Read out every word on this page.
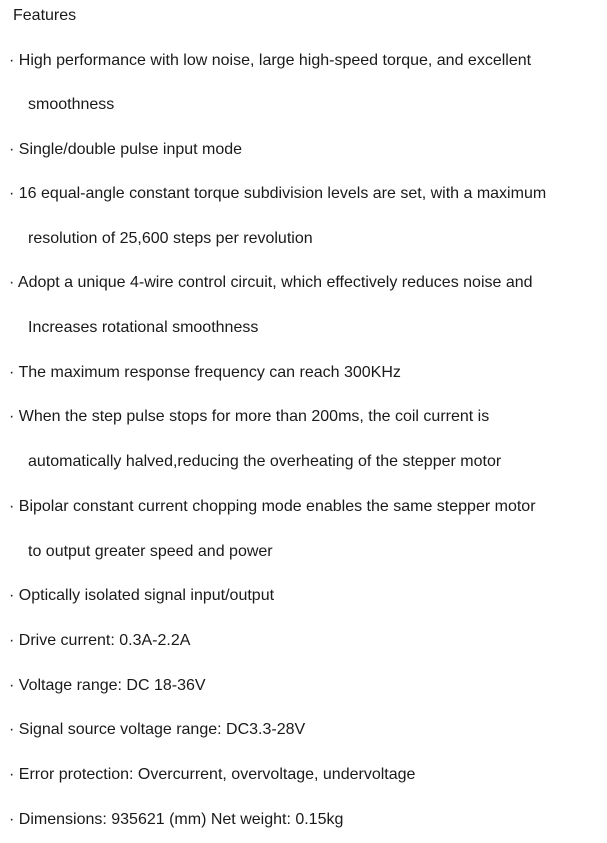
Features
· High performance with low noise, large high-speed torque, and excellent
smoothness
· Single/double pulse input mode
· 16 equal-angle constant torque subdivision levels are set, with a maximum
resolution of 25,600 steps per revolution
· Adopt a unique 4-wire control circuit, which effectively reduces noise and
Increases rotational smoothness
· The maximum response frequency can reach 300KHz
· When the step pulse stops for more than 200ms, the coil current is
automatically halved,reducing the overheating of the stepper motor
· Bipolar constant current chopping mode enables the same stepper motor
to output greater speed and power
· Optically isolated signal input/output
· Drive current: 0.3A-2.2A
· Voltage range: DC 18-36V
· Signal source voltage range: DC3.3-28V
· Error protection: Overcurrent, overvoltage, undervoltage
· Dimensions: 935621 (mm) Net weight: 0.15kg
